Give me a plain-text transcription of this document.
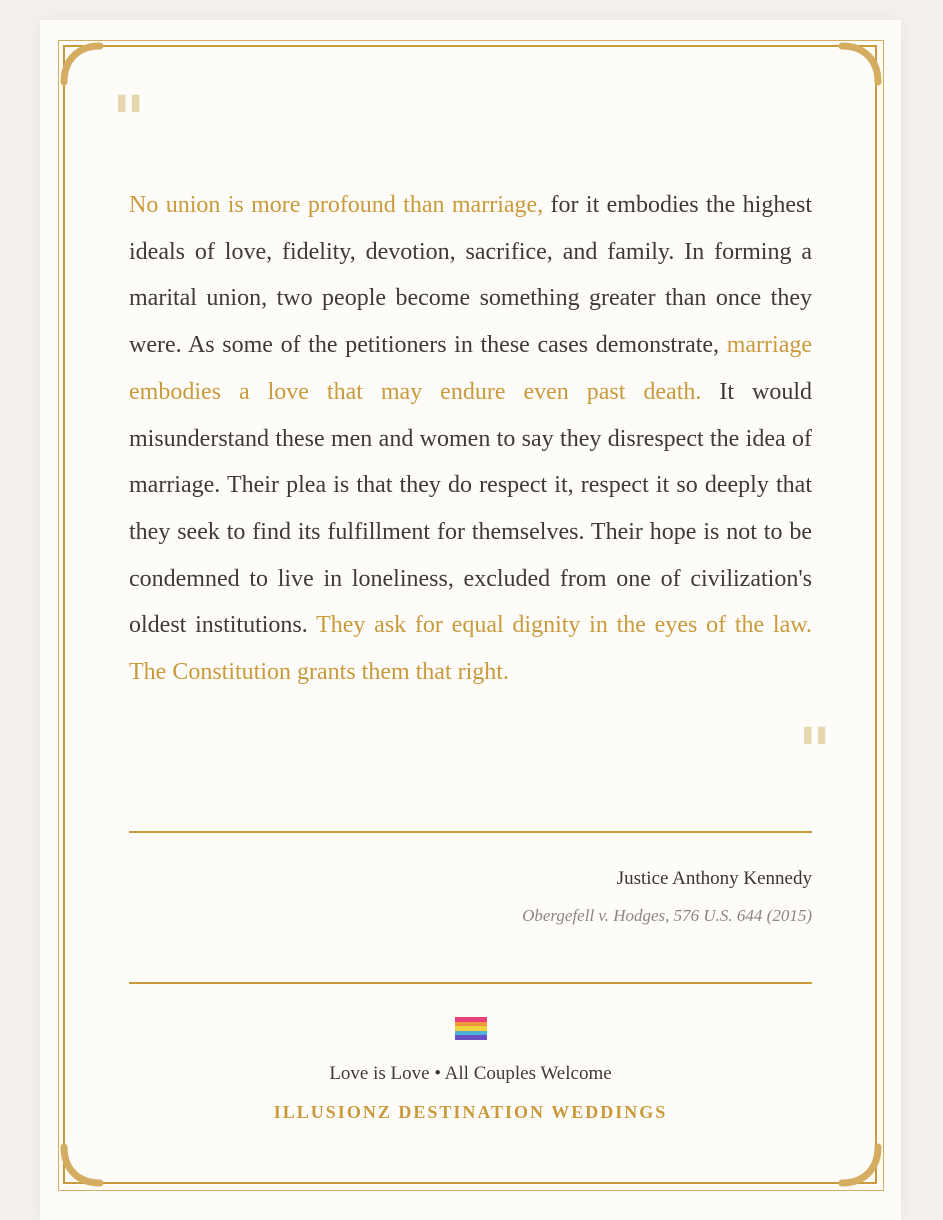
"

No union is more profound than marriage, for it embodies the highest ideals of love, fidelity, devotion, sacrifice, and family. In forming a marital union, two people become something greater than once they were. As some of the petitioners in these cases demonstrate, marriage embodies a love that may endure even past death. It would misunderstand these men and women to say they disrespect the idea of marriage. Their plea is that they do respect it, respect it so deeply that they seek to find its fulfillment for themselves. Their hope is not to be condemned to live in loneliness, excluded from one of civilization's oldest institutions. They ask for equal dignity in the eyes of the law. The Constitution grants them that right.

"
Justice Anthony Kennedy
Obergefell v. Hodges, 576 U.S. 644 (2015)
Love is Love • All Couples Welcome
ILLUSIONZ DESTINATION WEDDINGS
